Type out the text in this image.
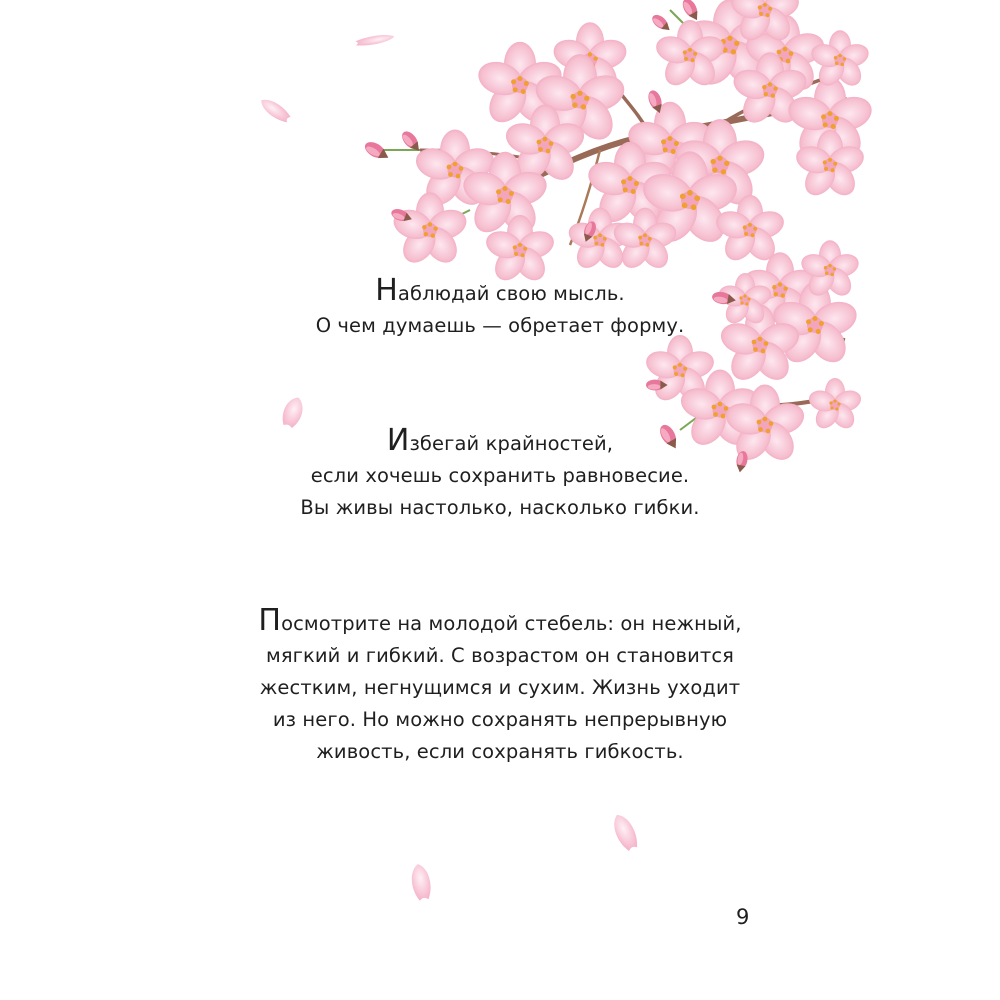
Наблюдай свою мысль.
О чем думаешь — обретает форму.
Избегай крайностей,
если хочешь сохранить равновесие.
Вы живы настолько, насколько гибки.
Посмотрите на молодой стебель: он нежный,
мягкий и гибкий. С возрастом он становится
жестким, негнущимся и сухим. Жизнь уходит
из него. Но можно сохранять непрерывную
живость, если сохранять гибкость.
9
